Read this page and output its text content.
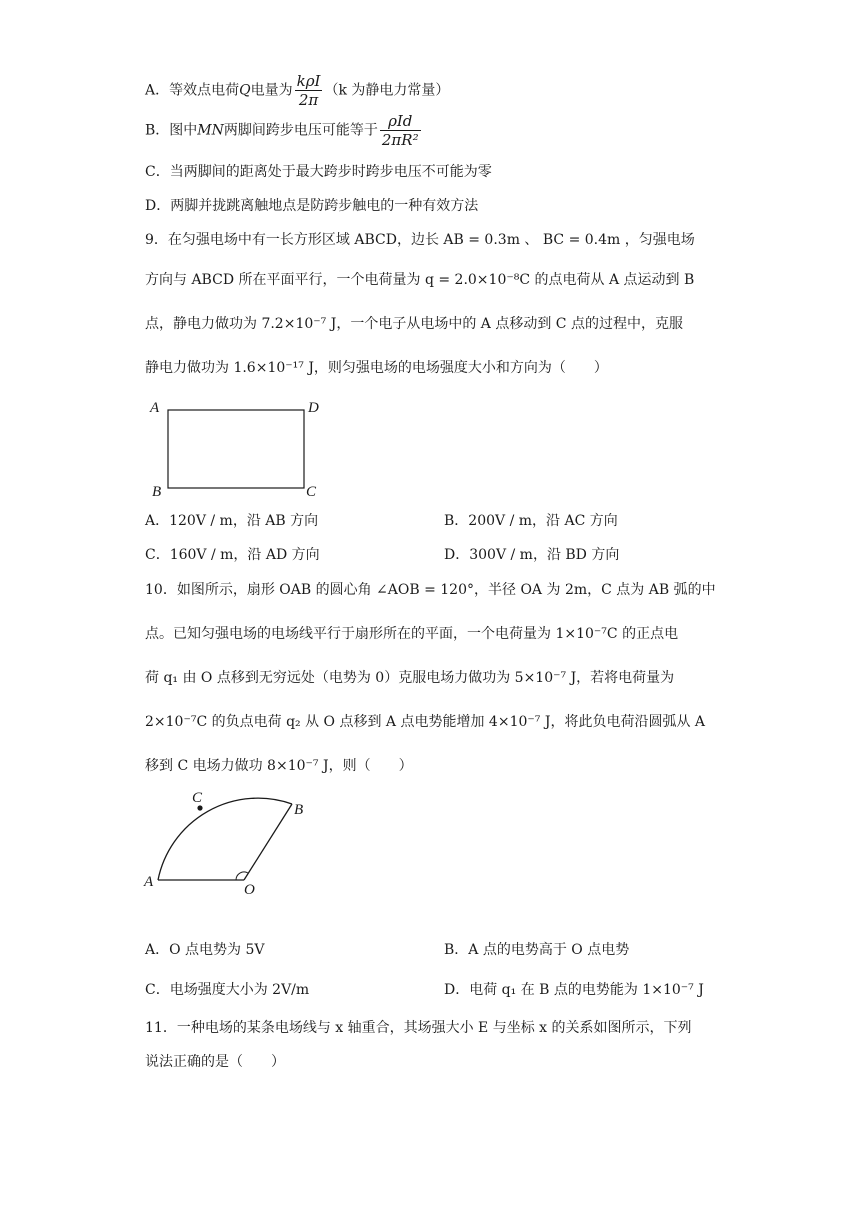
A．等效点电荷Q电量为 $\frac{\text{kρI}}{2\pi} (k$ 为静电力常量）
B．图中MN两脚间跨步电压可能等于 $\frac{\text{ρId}}{\text{2πR²}}$
C．当两脚间的距离处于最大跨步时跨步电压不可能为零
D．两脚并拢跳离触地点是防跨步触电的一种有效方法
9．在匀强电场中有一长方形区域 ABCD，边长 AB = 0.3m 、 BC = 0.4m ，匀强电场
方向与 ABCD 所在平面平行，一个电荷量为 q = 2.0×10⁻⁸C 的点电荷从 A 点运动到 B
点，静电力做功为 7.2×10⁻⁷ J，一个电子从电场中的 A 点移动到 C 点的过程中，克服
静电力做功为 1.6×10⁻¹⁷ J，则匀强电场的电场强度大小和方向为（　　）
A	D
B	C
A．120V / m，沿 AB 方向	B．200V / m，沿 AC 方向
C．160V / m，沿 AD 方向	D．300V / m，沿 BD 方向
10．如图所示，扇形 OAB 的圆心角 ∠AOB = 120°，半径 OA 为 2m，C 点为 AB 弧的中
点。已知匀强电场的电场线平行于扇形所在的平面，一个电荷量为 1×10⁻⁷C 的正点电
荷 q₁ 由 O 点移到无穷远处（电势为 0）克服电场力做功为 5×10⁻⁷ J，若将电荷量为
2×10⁻⁷C 的负点电荷 q₂ 从 O 点移到 A 点电势能增加 4×10⁻⁷ J，将此负电荷沿圆弧从 A
移到 C 电场力做功 8×10⁻⁷ J，则（　　）
A
C
B
O
A．O 点电势为 5V	B．A 点的电势高于 O 点电势
C．电场强度大小为 2V/m	D．电荷 q₁ 在 B 点的电势能为 1×10⁻⁷ J
11．一种电场的某条电场线与 x 轴重合，其场强大小 E 与坐标 x 的关系如图所示，下列
说法正确的是（　　）
